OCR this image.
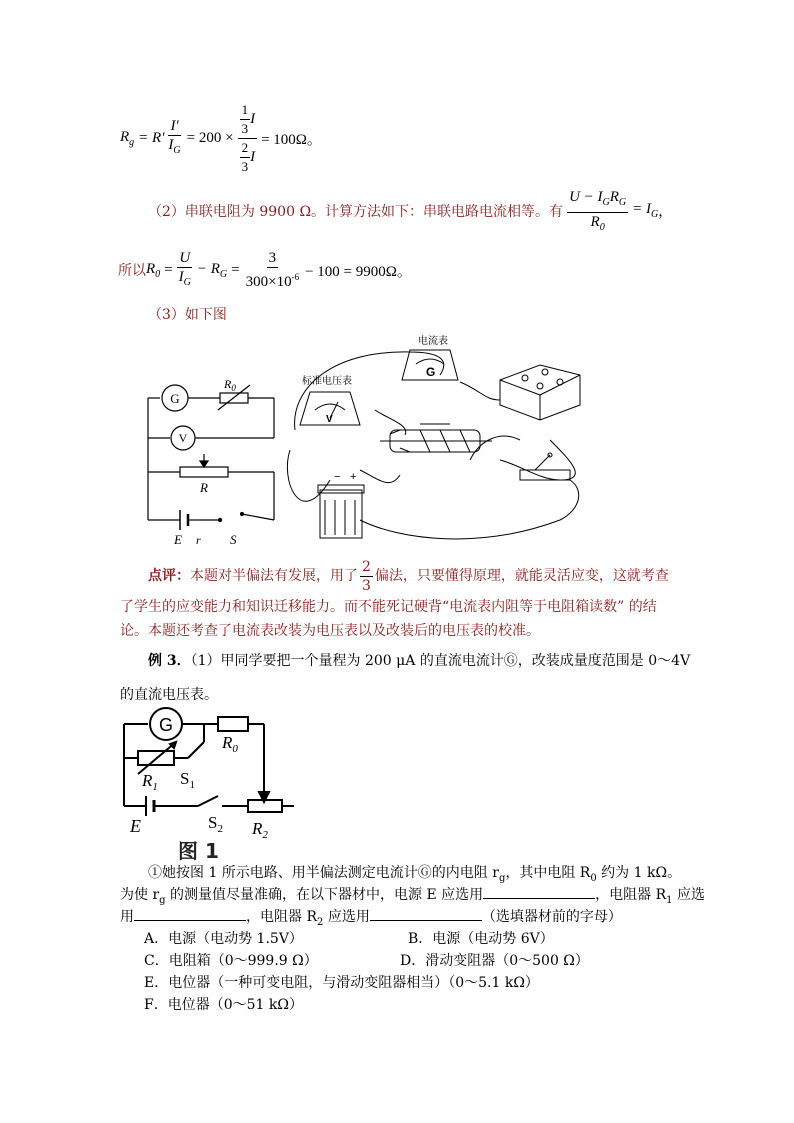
$R_g = R' \frac{I'}{I_G} = 200 \times \frac{\frac{1}{3} I}{\frac{2}{3} I} = 100\Omega$。
（2） 串联电阻为 9900 Ω。计算方法如下：串联电路电流相等。有 $\frac{U - I_GR_G}{R_0} = I_G$ ，
所以 $R_0 = \frac{U}{I_G} - R_G = \frac{3}{300\times 10^{-6}} - 100 = 9900\Omega$。
（3）如下图
G
$R_0$
V
R
E r S
电流表
标准电压表
G
V
− +
点评： 本题对半偏法有发展，用了 $\frac{2}{3}$ 偏法，只要懂得原理，就能灵活应变，这就考查
了学生的应变能力和知识迁移能力。而不能死记硬背“电流表内阻等于电阻箱读数” 的结
论。本题还考查了电流表改装为电压表以及改装后的电压表的校准。
例 3．（1）甲同学要把一个量程为 200 μA 的直流电流计Ⓖ，改装成量度范围是 0～4V
的直流电压表。
G
$R_0$
$R_1$ $S_1$
E	$S_2$ $R_2$
图 1
①她按图 1 所示电路、用半偏法测定电流计Ⓖ的内电阻 $r_g$，其中电阻 $R_0$ 约为 1 kΩ。
为使 $r_g$ 的测量值尽量准确，在以下器材中，电源 E 应选用	，电阻器 $R_1$ 应选
用	，电阻器 $R_2$ 应选用	（选填器材前的字母）
A．电源（电动势 1.5V）	B．电源（电动势 6V）
C．电阻箱（0～999.9 Ω）	D．滑动变阻器（0～500 Ω）
E．电位器（一种可变电阻，与滑动变阻器相当）（0～5.1 kΩ）
F．电位器（0～51 kΩ）
